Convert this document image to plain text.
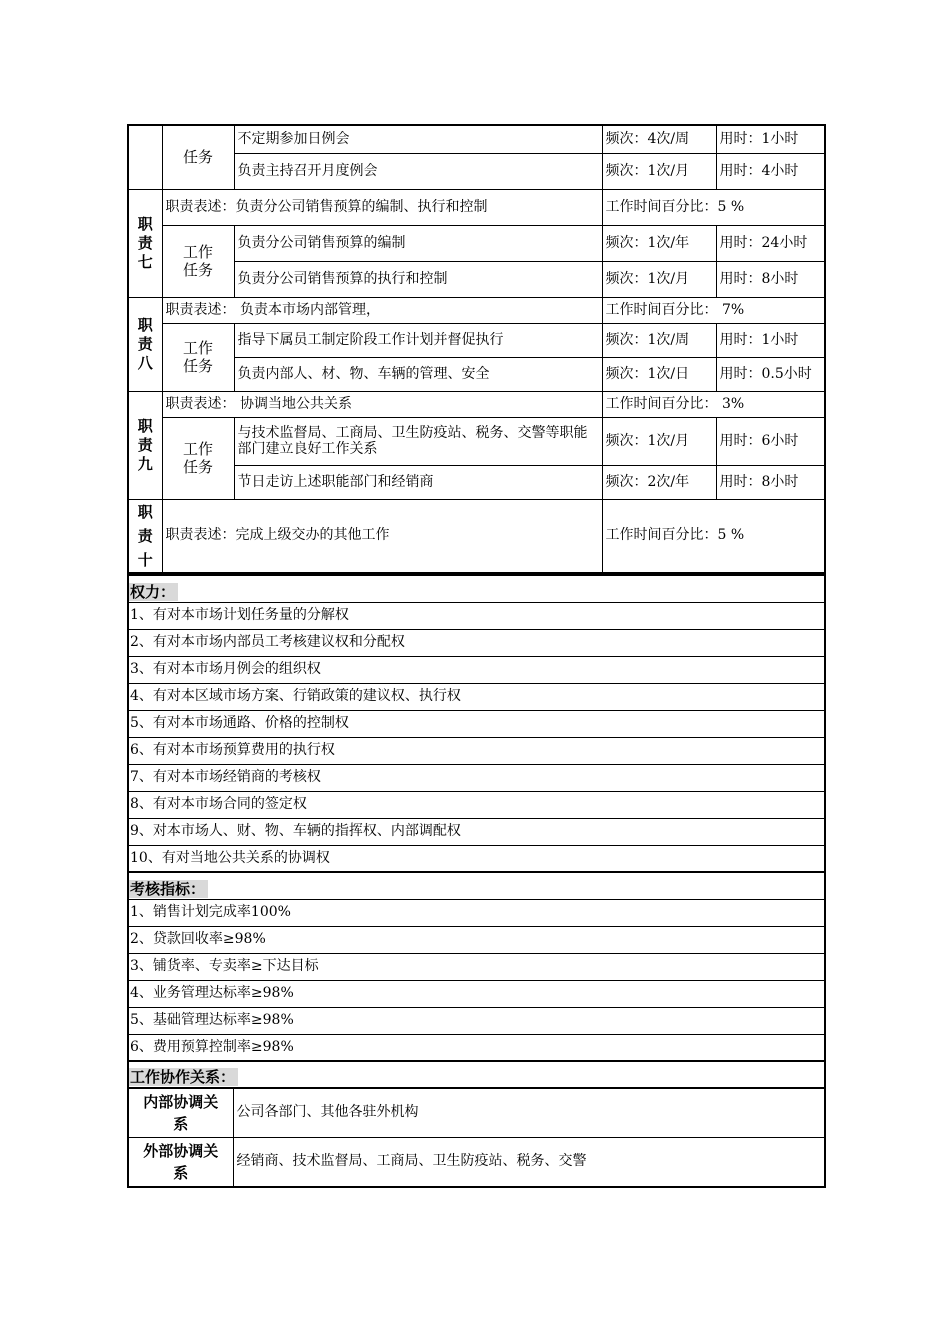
	任务	不定期参加日例会	频次：4次/周	用时：1小时
		负责主持召开月度例会	频次：1次/月	用时：4小时

职
责
七	职责表述：负责分公司销售预算的编制、执行和控制		工作时间百分比：5 %	

	工作
任务	负责分公司销售预算的编制	频次：1次/年	用时：24小时
		负责分公司销售预算的执行和控制	频次：1次/月	用时：8小时

职
责
八	职责表述： 负责本市场内部管理，		工作时间百分比： 7%	

	工作
任务	指导下属员工制定阶段工作计划并督促执行	频次：1次/周	用时：1小时
		负责内部人、材、物、车辆的管理、安全	频次：1次/日	用时：0.5小时

职
责
九	职责表述： 协调当地公共关系		工作时间百分比： 3%	

	工作
任务	与技术监督局、工商局、卫生防疫站、税务、交警等职能部门建立良好工作关系	频次：1次/月	用时：6小时
		节日走访上述职能部门和经销商	频次：2次/年	用时：8小时

职
责
十	职责表述：完成上级交办的其他工作		工作时间百分比：5 %	
权力：	
1、有对本市场计划任务量的分解权	
2、有对本市场内部员工考核建议权和分配权	
3、有对本市场月例会的组织权	
4、有对本区域市场方案、行销政策的建议权、执行权	
5、有对本市场通路、价格的控制权	
6、有对本市场预算费用的执行权	
7、有对本市场经销商的考核权	
8、有对本市场合同的签定权	
9、对本市场人、财、物、车辆的指挥权、内部调配权	
10、有对当地公共关系的协调权	
考核指标：	
1、销售计划完成率100%	
2、贷款回收率≥98%	
3、铺货率、专卖率≥下达目标	
4、业务管理达标率≥98%	
5、基础管理达标率≥98%	
6、费用预算控制率≥98%	
工作协作关系：	

内部协调关
系	公司各部门、其他各驻外机构

外部协调关
系	经销商、技术监督局、工商局、卫生防疫站、税务、交警
